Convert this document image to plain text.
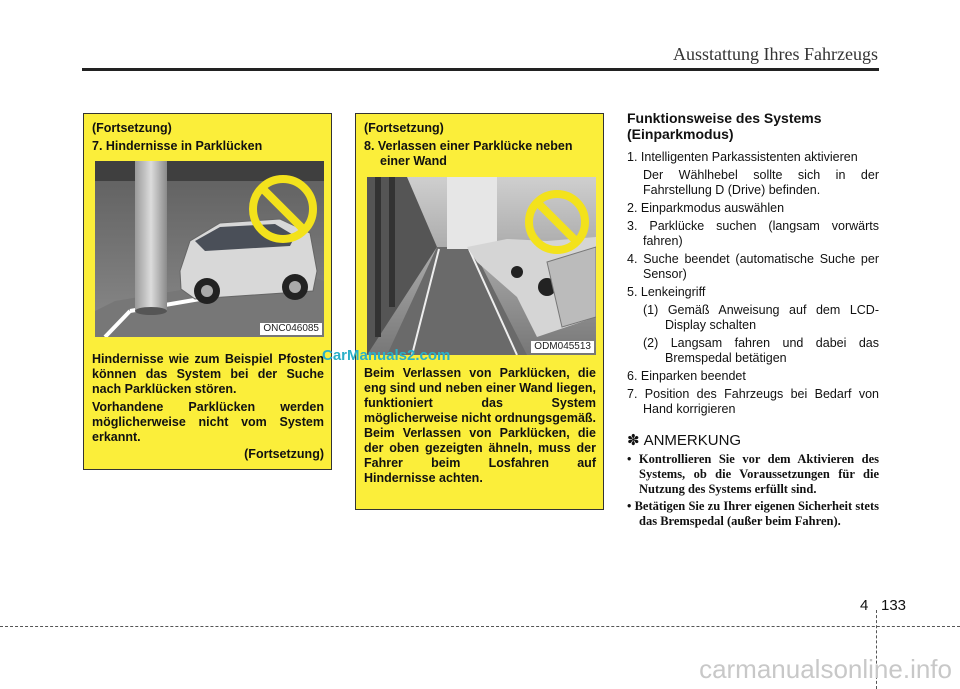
Ausstattung Ihres Fahrzeugs

(Fortsetzung)

7. Hindernisse in Parklücken

ONC046085

Hindernisse wie zum Beispiel Pfosten können das System bei der Suche nach Parklücken stören.

Vorhandene Parklücken werden möglicherweise nicht vom System erkannt.

(Fortsetzung)

(Fortsetzung)

8. Verlassen einer Parklücke neben einer Wand

ODM045513

Beim Verlassen von Parklücken, die eng sind und neben einer Wand liegen, funktioniert das System möglicherweise nicht ordnungsgemäß. Beim Verlassen von Parklücken, die der oben gezeigten ähneln, muss der Fahrer beim Losfahren auf Hindernisse achten.

CarManuals2.com

Funktionsweise des Systems (Einparkmodus)

1. Intelligenten Parkassistenten aktivieren

Der Wählhebel sollte sich in der Fahrstellung D (Drive) befinden.

2. Einparkmodus auswählen

3. Parklücke suchen (langsam vorwärts fahren)

4. Suche beendet (automatische Suche per Sensor)

5. Lenkeingriff

(1) Gemäß Anweisung auf dem LCD-Display schalten

(2) Langsam fahren und dabei das Bremspedal betätigen

6. Einparken beendet

7. Position des Fahrzeugs bei Bedarf von Hand korrigieren

✽ ANMERKUNG

• Kontrollieren Sie vor dem Aktivieren des Systems, ob die Voraussetzungen für die Nutzung des Systems erfüllt sind.

• Betätigen Sie zu Ihrer eigenen Sicherheit stets das Bremspedal (außer beim Fahren).

4 133
carmanualsonline.info
